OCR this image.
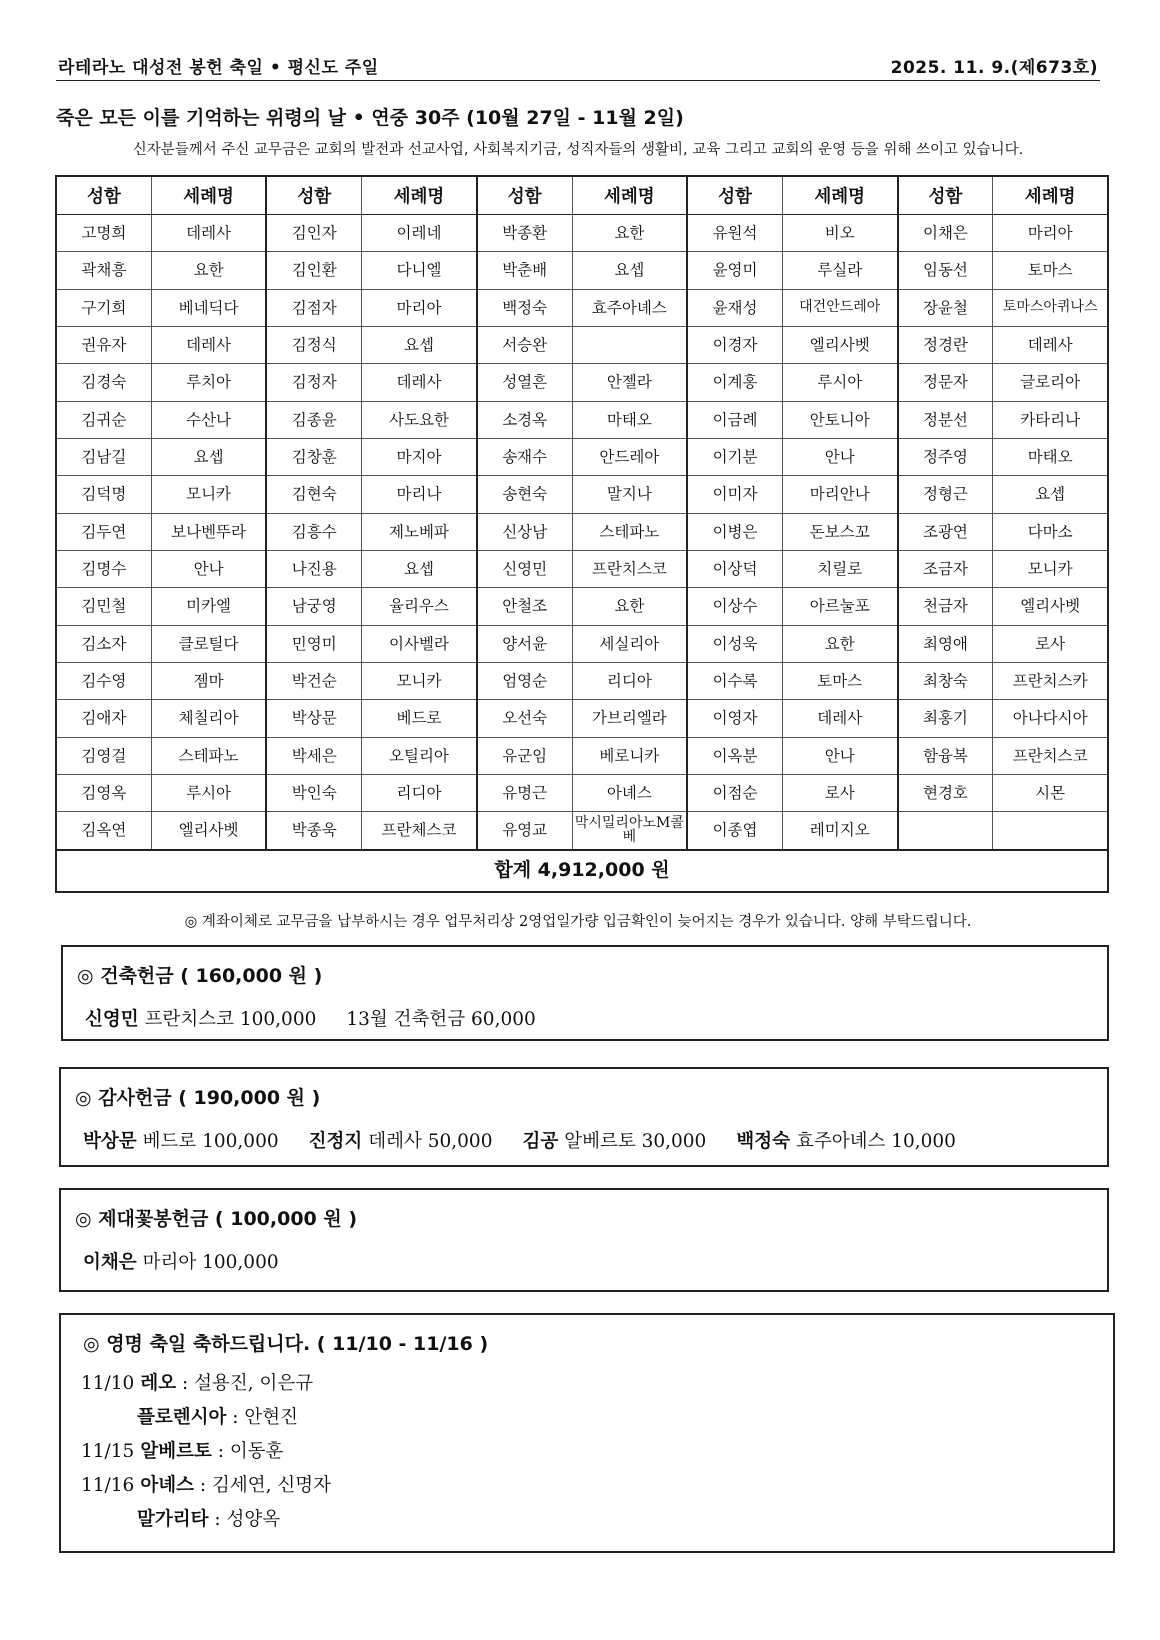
라테라노 대성전 봉헌 축일 • 평신도 주일	2025. 11. 9.(제673호)
죽은 모든 이를 기억하는 위령의 날 • 연중 30주 (10월 27일 - 11월 2일)
신자분들께서 주신 교무금은 교회의 발전과 선교사업, 사회복지기금, 성직자들의 생활비, 교육 그리고 교회의 운영 등을 위해 쓰이고 있습니다.
성함	세례명	성함	세례명	성함	세례명	성함	세례명	성함	세례명
고명희	데레사	김인자	이레네	박종환	요한	유원석	비오	이채은	마리아
곽채흥	요한	김인환	다니엘	박춘배	요셉	윤영미	루실라	임동선	토마스
구기희	베네딕다	김점자	마리아	백정숙	효주아녜스	윤재성	대건안드레아	장윤철	토마스아퀴나스
권유자	데레사	김정식	요셉	서승완		이경자	엘리사벳	정경란	데레사
김경숙	루치아	김정자	데레사	성열흔	안젤라	이계홍	루시아	정문자	글로리아
김귀순	수산나	김종윤	사도요한	소경옥	마태오	이금례	안토니아	정분선	카타리나
김남길	요셉	김창훈	마지아	송재수	안드레아	이기분	안나	정주영	마태오
김덕명	모니카	김현숙	마리나	송현숙	말지나	이미자	마리안나	정형근	요셉
김두연	보나벤뚜라	김흥수	제노베파	신상남	스테파노	이병은	돈보스꼬	조광연	다마소
김명수	안나	나진용	요셉	신영민	프란치스코	이상덕	치릴로	조금자	모니카
김민철	미카엘	남궁영	율리우스	안철조	요한	이상수	아르눌포	천금자	엘리사벳
김소자	클로틸다	민영미	이사벨라	양서윤	세실리아	이성욱	요한	최영애	로사
김수영	젬마	박건순	모니카	엄영순	리디아	이수록	토마스	최창숙	프란치스카
김애자	체칠리아	박상문	베드로	오선숙	가브리엘라	이영자	데레사	최홍기	아나다시아
김영걸	스테파노	박세은	오틸리아	유군임	베로니카	이옥분	안나	함융복	프란치스코
김영옥	루시아	박인숙	리디아	유명근	아녜스	이점순	로사	현경호	시몬
김옥연	엘리사벳	박종욱	프란체스코	유영교	막시밀리아노M콜베	이종엽	레미지오		
합계 4,912,000 원									
◎ 계좌이체로 교무금을 납부하시는 경우 업무처리상 2영업일가량 입금확인이 늦어지는 경우가 있습니다. 양해 부탁드립니다.
◎ 건축헌금 ( 160,000 원 )
신영민 프란치스코 100,000 13월 건축헌금 60,000
◎ 감사헌금 ( 190,000 원 )
박상문 베드로 100,000 진정지 데레사 50,000 김공 알베르토 30,000 백정숙 효주아녜스 10,000
◎ 제대꽃봉헌금 ( 100,000 원 )
이채은 마리아 100,000
◎ 영명 축일 축하드립니다. ( 11/10 - 11/16 )
11/10 레오 : 설용진, 이은규
플로렌시아 : 안현진
11/15 알베르토 : 이동훈
11/16 아녜스 : 김세연, 신명자
말가리타 : 성양옥
